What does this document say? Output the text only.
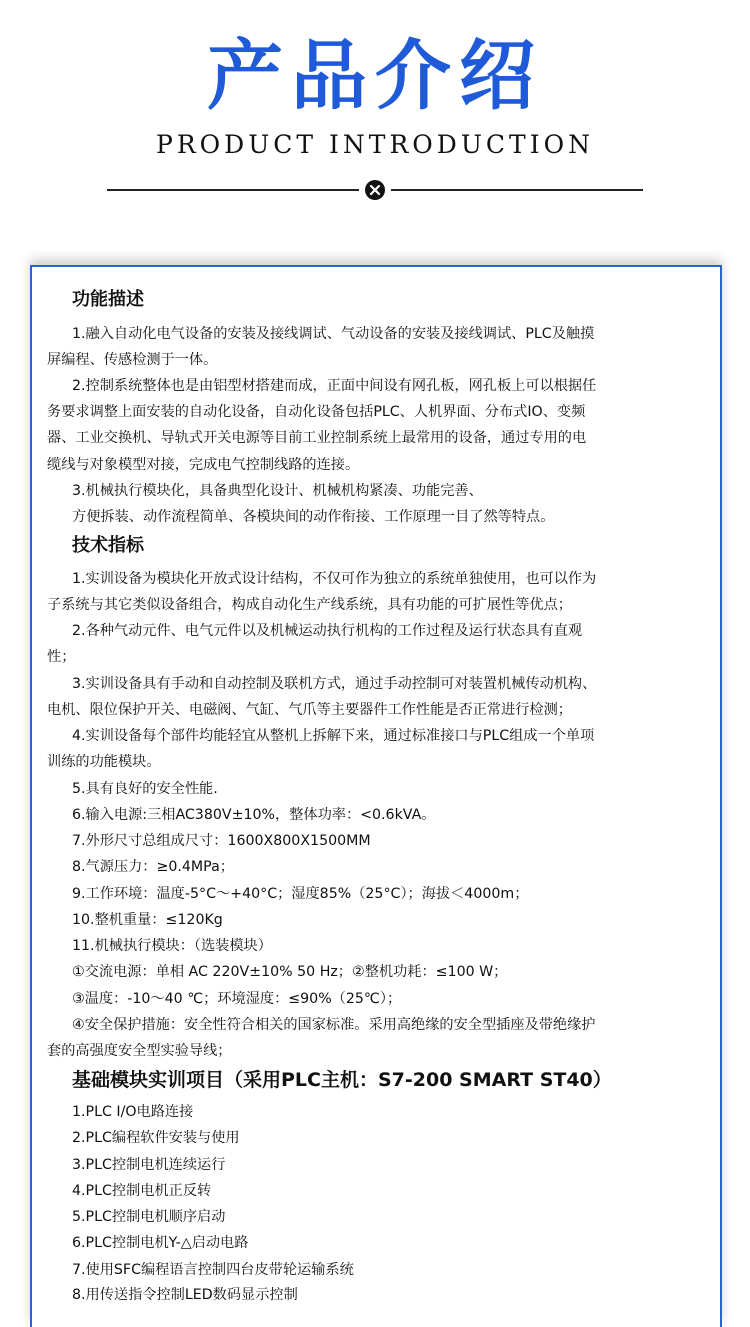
产品介绍
PRODUCT INTRODUCTION
功能描述
1.融入自动化电气设备的安装及接线调试、气动设备的安装及接线调试、PLC及触摸
屏编程、传感检测于一体。
2.控制系统整体也是由铝型材搭建而成，正面中间设有网孔板，网孔板上可以根据任
务要求调整上面安装的自动化设备，自动化设备包括PLC、人机界面、分布式IO、变频
器、工业交换机、导轨式开关电源等目前工业控制系统上最常用的设备，通过专用的电
缆线与对象模型对接，完成电气控制线路的连接。
3.机械执行模块化，具备典型化设计、机械机构紧凑、功能完善、
方便拆装、动作流程简单、各模块间的动作衔接、工作原理一目了然等特点。
技术指标
1.实训设备为模块化开放式设计结构，不仅可作为独立的系统单独使用，也可以作为
子系统与其它类似设备组合，构成自动化生产线系统，具有功能的可扩展性等优点；
2.各种气动元件、电气元件以及机械运动执行机构的工作过程及运行状态具有直观
性；
3.实训设备具有手动和自动控制及联机方式，通过手动控制可对装置机械传动机构、
电机、限位保护开关、电磁阀、气缸、气爪等主要器件工作性能是否正常进行检测；
4.实训设备每个部件均能轻宜从整机上拆解下来，通过标准接口与PLC组成一个单项
训练的功能模块。
5.具有良好的安全性能.
6.输入电源:三相AC380V±10%，整体功率：<0.6kVA。
7.外形尺寸总组成尺寸：1600X800X1500MM
8.气源压力：≥0.4MPa；
9.工作环境：温度-5°C～+40°C；湿度85%（25°C）；海拔＜4000m；
10.整机重量：≤120Kg
11.机械执行模块：（选装模块）
①交流电源：单相 AC 220V±10% 50 Hz；②整机功耗：≤100 W；
③温度：-10～40 ℃；环境湿度：≤90%（25℃）；
④安全保护措施：安全性符合相关的国家标准。采用高绝缘的安全型插座及带绝缘护
套的高强度安全型实验导线；
基础模块实训项目（采用PLC主机：S7-200 SMART ST40）
1.PLC I/O电路连接
2.PLC编程软件安装与使用
3.PLC控制电机连续运行
4.PLC控制电机正反转
5.PLC控制电机顺序启动
6.PLC控制电机Y-△启动电路
7.使用SFC编程语言控制四台皮带轮运输系统
8.用传送指令控制LED数码显示控制
